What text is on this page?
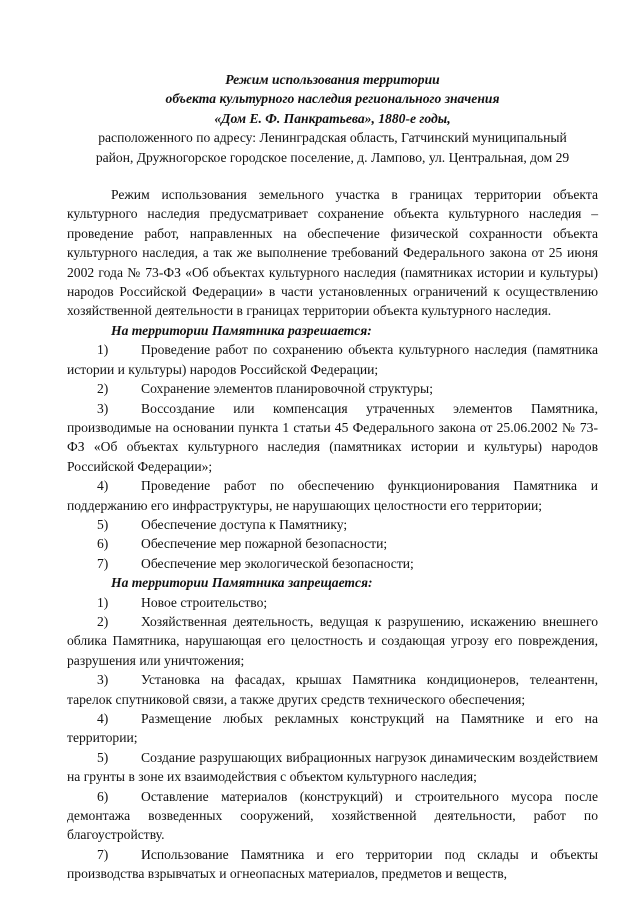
Режим использования территории

объекта культурного наследия регионального значения

«Дом Е. Ф. Панкратьева», 1880-е годы,

расположенного по адресу: Ленинградская область, Гатчинский муниципальный

район, Дружногорское городское поселение, д. Лампово, ул. Центральная, дом 29

Режим использования земельного участка в границах территории объекта культурного наследия предусматривает сохранение объекта культурного наследия – проведение работ, направленных на обеспечение физической сохранности объекта культурного наследия, а так же выполнение требований Федерального закона от 25 июня 2002 года № 73-ФЗ «Об объектах культурного наследия (памятниках истории и культуры) народов Российской Федерации» в части установленных ограничений к осуществлению хозяйственной деятельности в границах территории объекта культурного наследия.

На территории Памятника разрешается:

1) Проведение работ по сохранению объекта культурного наследия (памятника истории и культуры) народов Российской Федерации;

2) Сохранение элементов планировочной структуры;

3) Воссоздание или компенсация утраченных элементов Памятника, производимые на основании пункта 1 статьи 45 Федерального закона от 25.06.2002 № 73-ФЗ «Об объектах культурного наследия (памятниках истории и культуры) народов Российской Федерации»;

4) Проведение работ по обеспечению функционирования Памятника и поддержанию его инфраструктуры, не нарушающих целостности его территории;

5) Обеспечение доступа к Памятнику;

6) Обеспечение мер пожарной безопасности;

7) Обеспечение мер экологической безопасности;

На территории Памятника запрещается:

1) Новое строительство;

2) Хозяйственная деятельность, ведущая к разрушению, искажению внешнего облика Памятника, нарушающая его целостность и создающая угрозу его повреждения, разрушения или уничтожения;

3) Установка на фасадах, крышах Памятника кондиционеров, телеантенн, тарелок спутниковой связи, а также других средств технического обеспечения;

4) Размещение любых рекламных конструкций на Памятнике и его на территории;

5) Создание разрушающих вибрационных нагрузок динамическим воздействием на грунты в зоне их взаимодействия с объектом культурного наследия;

6) Оставление материалов (конструкций) и строительного мусора после демонтажа возведенных сооружений, хозяйственной деятельности, работ по благоустройству.

7) Использование Памятника и его территории под склады и объекты производства взрывчатых и огнеопасных материалов, предметов и веществ,
